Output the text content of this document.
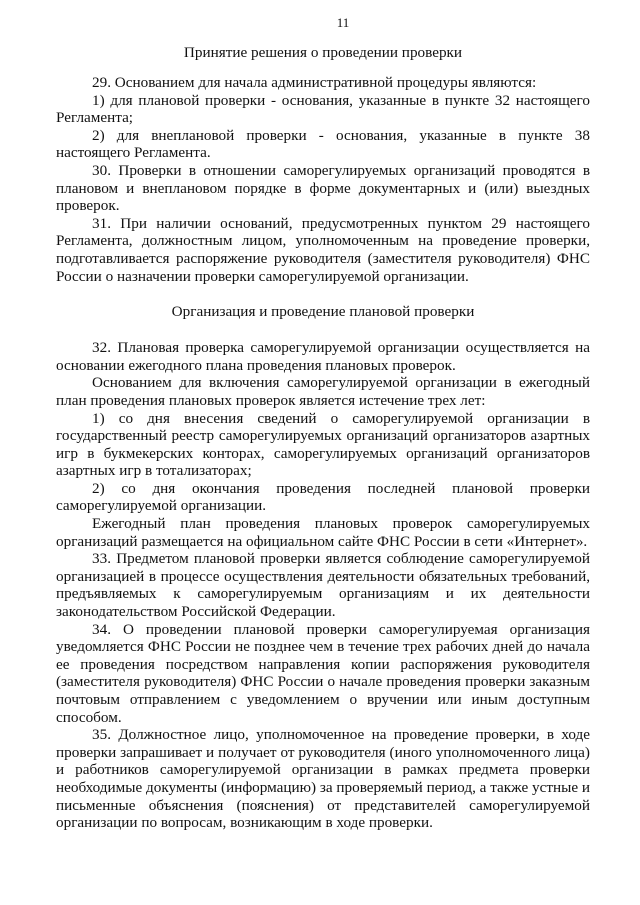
11
Принятие решения о проведении проверки

29. Основанием для начала административной процедуры являются:

1) для плановой проверки - основания, указанные в пункте 32 настоящего Регламента;

2) для внеплановой проверки - основания, указанные в пункте 38 настоящего Регламента.

30. Проверки в отношении саморегулируемых организаций проводятся в плановом и внеплановом порядке в форме документарных и (или) выездных проверок.

31. При наличии оснований, предусмотренных пунктом 29 настоящего Регламента, должностным лицом, уполномоченным на проведение проверки, подготавливается распоряжение руководителя (заместителя руководителя) ФНС России о назначении проверки саморегулируемой организации.

Организация и проведение плановой проверки

32. Плановая проверка саморегулируемой организации осуществляется на основании ежегодного плана проведения плановых проверок.

Основанием для включения саморегулируемой организации в ежегодный план проведения плановых проверок является истечение трех лет:

1) со дня внесения сведений о саморегулируемой организации в государственный реестр саморегулируемых организаций организаторов азартных игр в букмекерских конторах, саморегулируемых организаций организаторов азартных игр в тотализаторах;

2) со дня окончания проведения последней плановой проверки саморегулируемой организации.

Ежегодный план проведения плановых проверок саморегулируемых организаций размещается на официальном сайте ФНС России в сети «Интернет».

33. Предметом плановой проверки является соблюдение саморегулируемой организацией в процессе осуществления деятельности обязательных требований, предъявляемых к саморегулируемым организациям и их деятельности законодательством Российской Федерации.

34. О проведении плановой проверки саморегулируемая организация уведомляется ФНС России не позднее чем в течение трех рабочих дней до начала ее проведения посредством направления копии распоряжения руководителя (заместителя руководителя) ФНС России о начале проведения проверки заказным почтовым отправлением с уведомлением о вручении или иным доступным способом.

35. Должностное лицо, уполномоченное на проведение проверки, в ходе проверки запрашивает и получает от руководителя (иного уполномоченного лица) и работников саморегулируемой организации в рамках предмета проверки необходимые документы (информацию) за проверяемый период, а также устные и письменные объяснения (пояснения) от представителей саморегулируемой организации по вопросам, возникающим в ходе проверки.
